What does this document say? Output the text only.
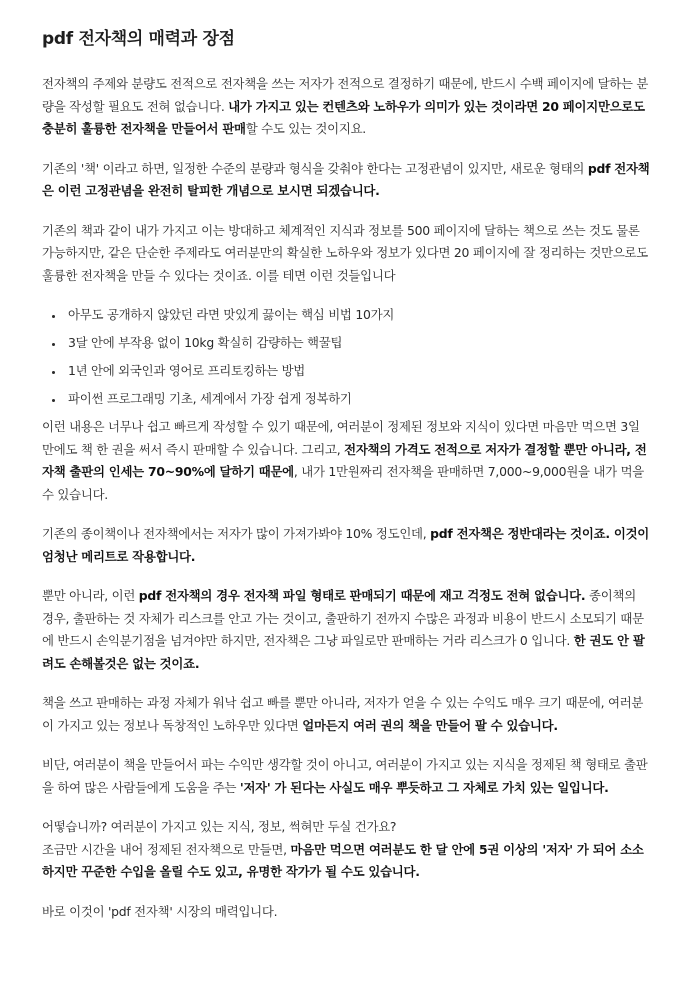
pdf 전자책의 매력과 장점

전자책의 주제와 분량도 전적으로 전자책을 쓰는 저자가 전적으로 결정하기 때문에, 반드시 수백 페이지에 달하는 분량을 작성할 필요도 전혀 없습니다. 내가 가지고 있는 컨텐츠와 노하우가 의미가 있는 것이라면 20 페이지만으로도 충분히 훌륭한 전자책을 만들어서 판매할 수도 있는 것이지요.

기존의 '책' 이라고 하면, 일정한 수준의 분량과 형식을 갖춰야 한다는 고정관념이 있지만, 새로운 형태의 pdf 전자책은 이런 고정관념을 완전히 탈피한 개념으로 보시면 되겠습니다.

기존의 책과 같이 내가 가지고 이는 방대하고 체계적인 지식과 정보를 500 페이지에 달하는 책으로 쓰는 것도 물론 가능하지만, 같은 단순한 주제라도 여러분만의 확실한 노하우와 정보가 있다면 20 페이지에 잘 정리하는 것만으로도 훌륭한 전자책을 만들 수 있다는 것이죠. 이를 테면 이런 것들입니다

• 아무도 공개하지 않았던 라면 맛있게 끓이는 핵심 비법 10가지
• 3달 안에 부작용 없이 10kg 확실히 감량하는 핵꿀팁
• 1년 안에 외국인과 영어로 프리토킹하는 방법
• 파이썬 프로그래밍 기초, 세계에서 가장 쉽게 정복하기

이런 내용은 너무나 쉽고 빠르게 작성할 수 있기 때문에, 여러분이 정제된 정보와 지식이 있다면 마음만 먹으면 3일 만에도 책 한 권을 써서 즉시 판매할 수 있습니다. 그리고, 전자책의 가격도 전적으로 저자가 결정할 뿐만 아니라, 전자책 출판의 인세는 70~90%에 달하기 때문에, 내가 1만원짜리 전자책을 판매하면 7,000~9,000원을 내가 먹을 수 있습니다.

기존의 종이책이나 전자책에서는 저자가 많이 가져가봐야 10% 정도인데, pdf 전자책은 정반대라는 것이죠. 이것이 엄청난 메리트로 작용합니다.

뿐만 아니라, 이런 pdf 전자책의 경우 전자책 파일 형태로 판매되기 때문에 재고 걱정도 전혀 없습니다. 종이책의 경우, 출판하는 것 자체가 리스크를 안고 가는 것이고, 출판하기 전까지 수많은 과정과 비용이 반드시 소모되기 때문에 반드시 손익분기점을 넘겨야만 하지만, 전자책은 그냥 파일로만 판매하는 거라 리스크가 0 입니다. 한 권도 안 팔려도 손해볼것은 없는 것이죠.

책을 쓰고 판매하는 과정 자체가 워낙 쉽고 빠를 뿐만 아니라, 저자가 얻을 수 있는 수익도 매우 크기 때문에, 여러분이 가지고 있는 정보나 독창적인 노하우만 있다면 얼마든지 여러 권의 책을 만들어 팔 수 있습니다.

비단, 여러분이 책을 만들어서 파는 수익만 생각할 것이 아니고, 여러분이 가지고 있는 지식을 정제된 책 형태로 출판을 하여 많은 사람들에게 도움을 주는 '저자' 가 된다는 사실도 매우 뿌듯하고 그 자체로 가치 있는 일입니다.

어떻습니까? 여러분이 가지고 있는 지식, 정보, 썩혀만 두실 건가요?
조금만 시간을 내어 정제된 전자책으로 만들면, 마음만 먹으면 여러분도 한 달 안에 5권 이상의 '저자' 가 되어 소소하지만 꾸준한 수입을 올릴 수도 있고, 유명한 작가가 될 수도 있습니다.

바로 이것이 'pdf 전자책' 시장의 매력입니다.
